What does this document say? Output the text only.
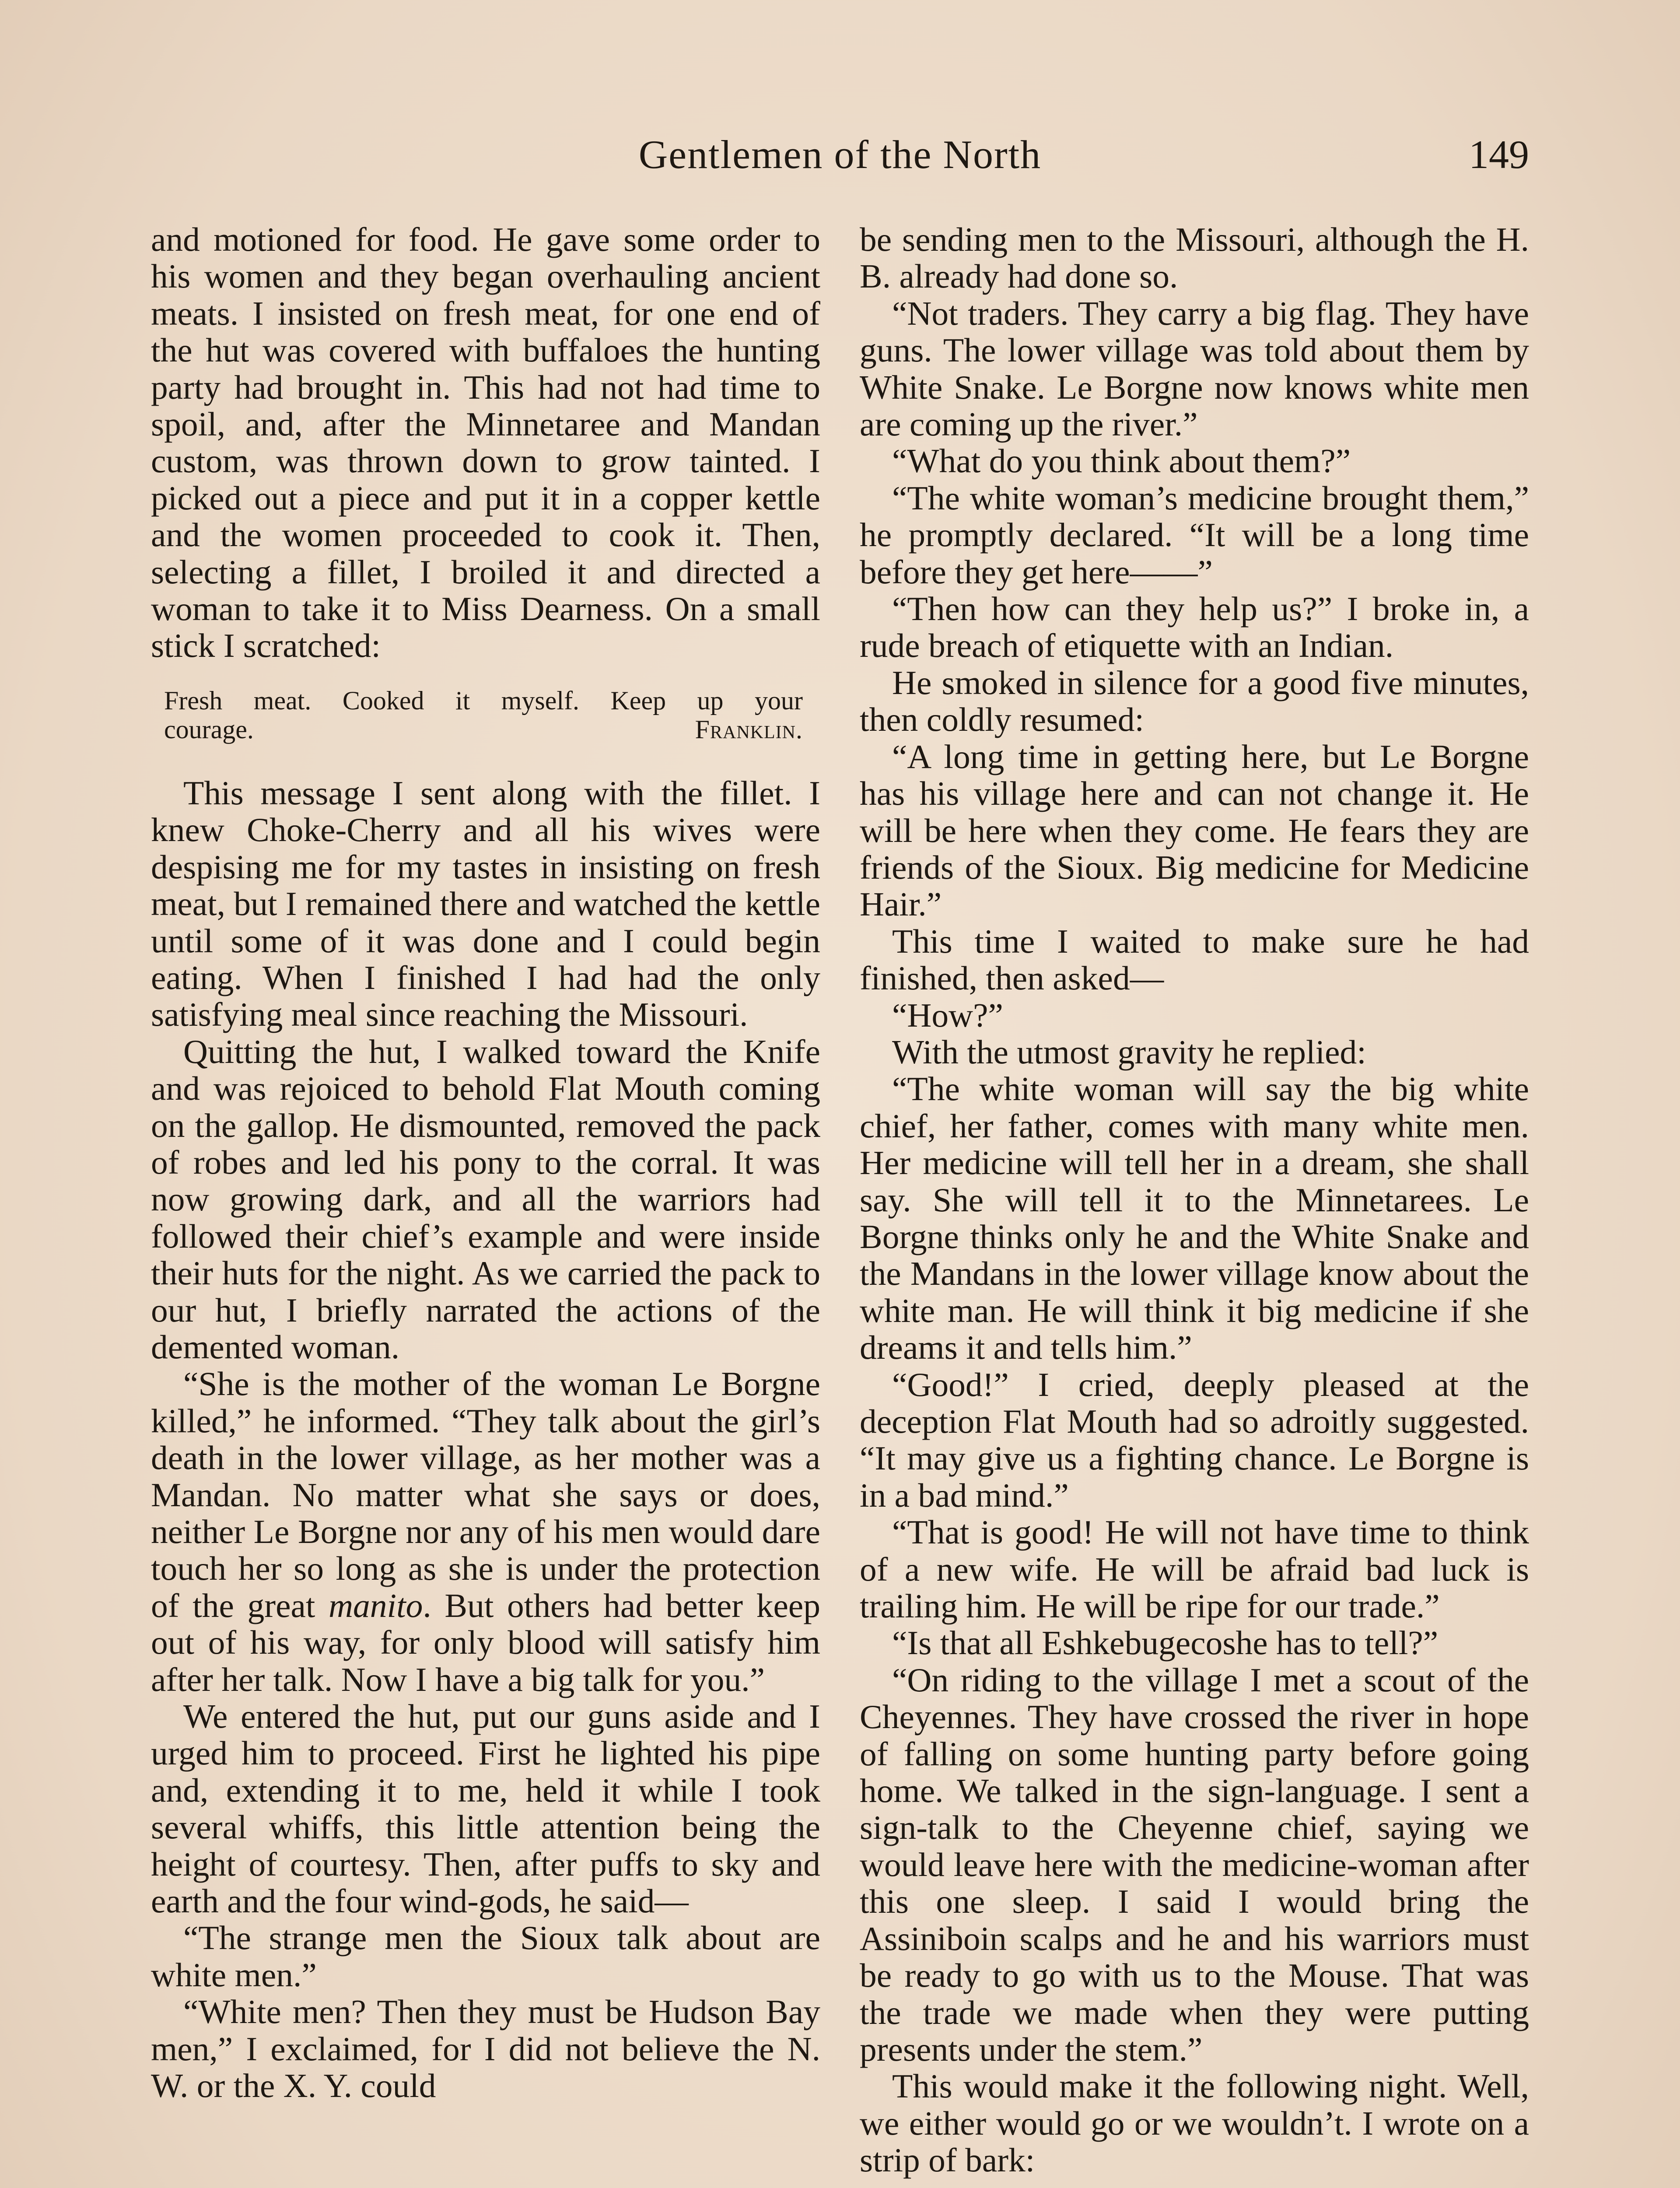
Gentlemen of the North	149

and motioned for food. He gave some order to his women and they began overhauling ancient meats. I insisted on fresh meat, for one end of the hut was covered with buffaloes the hunting party had brought in. This had not had time to spoil, and, after the Minnetaree and Mandan custom, was thrown down to grow tainted. I picked out a piece and put it in a copper kettle and the women proceeded to cook it. Then, selecting a fillet, I broiled it and directed a woman to take it to Miss Dearness. On a small stick I scratched:

Fresh meat. Cooked it myself. Keep up your
courage.	Franklin.

This message I sent along with the fillet. I knew Choke-Cherry and all his wives were despising me for my tastes in insisting on fresh meat, but I remained there and watched the kettle until some of it was done and I could begin eating. When I finished I had had the only satisfying meal since reaching the Missouri.

Quitting the hut, I walked toward the Knife and was rejoiced to behold Flat Mouth coming on the gallop. He dismounted, removed the pack of robes and led his pony to the corral. It was now growing dark, and all the warriors had followed their chief’s example and were inside their huts for the night. As we carried the pack to our hut, I briefly narrated the actions of the demented woman.

“She is the mother of the woman Le Borgne killed,” he informed. “They talk about the girl’s death in the lower village, as her mother was a Mandan. No matter what she says or does, neither Le Borgne nor any of his men would dare touch her so long as she is under the protection of the great manito. But others had better keep out of his way, for only blood will satisfy him after her talk. Now I have a big talk for you.”

We entered the hut, put our guns aside and I urged him to proceed. First he lighted his pipe and, extending it to me, held it while I took several whiffs, this little attention being the height of courtesy. Then, after puffs to sky and earth and the four wind-gods, he said—

“The strange men the Sioux talk about are white men.”

“White men? Then they must be Hudson Bay men,” I exclaimed, for I did not believe the N. W. or the X. Y. could

be sending men to the Missouri, although the H. B. already had done so.

“Not traders. They carry a big flag. They have guns. The lower village was told about them by White Snake. Le Borgne now knows white men are coming up the river.”

“What do you think about them?”

“The white woman’s medicine brought them,” he promptly declared. “It will be a long time before they get here——”

“Then how can they help us?” I broke in, a rude breach of etiquette with an Indian.

He smoked in silence for a good five minutes, then coldly resumed:

“A long time in getting here, but Le Borgne has his village here and can not change it. He will be here when they come. He fears they are friends of the Sioux. Big medicine for Medicine Hair.”

This time I waited to make sure he had finished, then asked—

“How?”

With the utmost gravity he replied:

“The white woman will say the big white chief, her father, comes with many white men. Her medicine will tell her in a dream, she shall say. She will tell it to the Minnetarees. Le Borgne thinks only he and the White Snake and the Mandans in the lower village know about the white man. He will think it big medicine if she dreams it and tells him.”

“Good!” I cried, deeply pleased at the deception Flat Mouth had so adroitly suggested. “It may give us a fighting chance. Le Borgne is in a bad mind.”

“That is good! He will not have time to think of a new wife. He will be afraid bad luck is trailing him. He will be ripe for our trade.”

“Is that all Eshkebugecoshe has to tell?”

“On riding to the village I met a scout of the Cheyennes. They have crossed the river in hope of falling on some hunting party before going home. We talked in the sign-language. I sent a sign-talk to the Cheyenne chief, saying we would leave here with the medicine-woman after this one sleep. I said I would bring the Assiniboin scalps and he and his warriors must be ready to go with us to the Mouse. That was the trade we made when they were putting presents under the stem.”

This would make it the following night. Well, we either would go or we wouldn’t. I wrote on a strip of bark:
